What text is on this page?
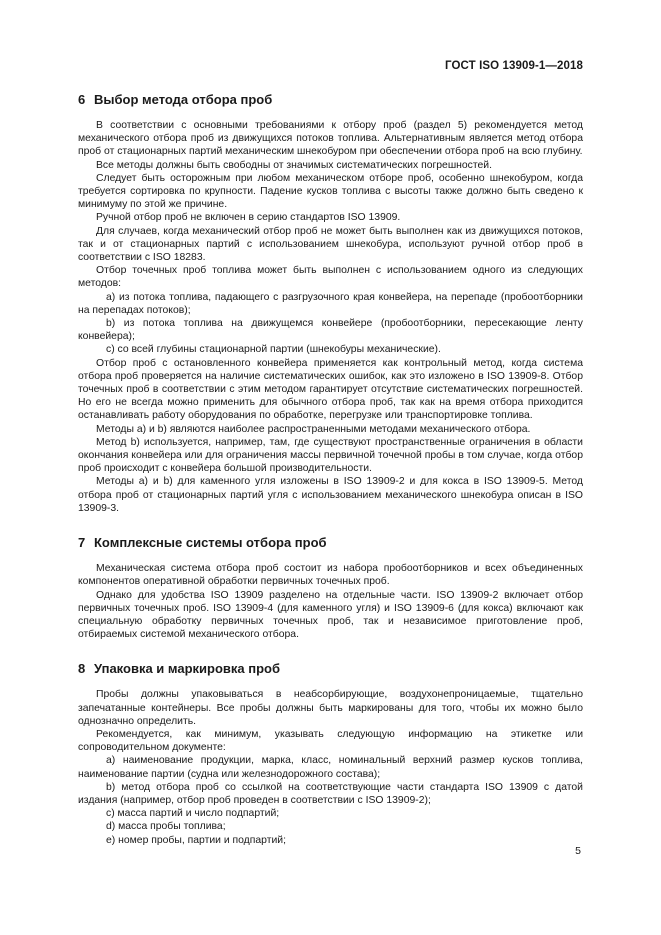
ГОСТ ISO 13909-1—2018
6 Выбор метода отбора проб

В соответствии с основными требованиями к отбору проб (раздел 5) рекомендуется метод механического отбора проб из движущихся потоков топлива. Альтернативным является метод отбора проб от стационарных партий механическим шнекобуром при обеспечении отбора проб на всю глубину.

Все методы должны быть свободны от значимых систематических погрешностей.

Следует быть осторожным при любом механическом отборе проб, особенно шнекобуром, когда требуется сортировка по крупности. Падение кусков топлива с высоты также должно быть сведено к минимуму по этой же причине.

Ручной отбор проб не включен в серию стандартов ISO 13909.

Для случаев, когда механический отбор проб не может быть выполнен как из движущихся потоков, так и от стационарных партий с использованием шнекобура, используют ручной отбор проб в соответствии с ISO 18283.

Отбор точечных проб топлива может быть выполнен с использованием одного из следующих методов:

a) из потока топлива, падающего с разгрузочного края конвейера, на перепаде (пробоотборники на перепадах потоков);

b) из потока топлива на движущемся конвейере (пробоотборники, пересекающие ленту конвейера);

c) со всей глубины стационарной партии (шнекобуры механические).

Отбор проб с остановленного конвейера применяется как контрольный метод, когда система отбора проб проверяется на наличие систематических ошибок, как это изложено в ISO 13909-8. Отбор точечных проб в соответствии с этим методом гарантирует отсутствие систематических погрешностей. Но его не всегда можно применить для обычного отбора проб, так как на время отбора приходится останавливать работу оборудования по обработке, перегрузке или транспортировке топлива.

Методы a) и b) являются наиболее распространенными методами механического отбора.

Метод b) используется, например, там, где существуют пространственные ограничения в области окончания конвейера или для ограничения массы первичной точечной пробы в том случае, когда отбор проб происходит с конвейера большой производительности.

Методы a) и b) для каменного угля изложены в ISO 13909-2 и для кокса в ISO 13909-5. Метод отбора проб от стационарных партий угля с использованием механического шнекобура описан в ISO 13909-3.

7 Комплексные системы отбора проб

Механическая система отбора проб состоит из набора пробоотборников и всех объединенных компонентов оперативной обработки первичных точечных проб.

Однако для удобства ISO 13909 разделено на отдельные части. ISO 13909-2 включает отбор первичных точечных проб. ISO 13909-4 (для каменного угля) и ISO 13909-6 (для кокса) включают как специальную обработку первичных точечных проб, так и независимое приготовление проб, отбираемых системой механического отбора.

8 Упаковка и маркировка проб

Пробы должны упаковываться в неабсорбирующие, воздухонепроницаемые, тщательно запечатанные контейнеры. Все пробы должны быть маркированы для того, чтобы их можно было однозначно определить.

Рекомендуется, как минимум, указывать следующую информацию на этикетке или сопроводительном документе:

a) наименование продукции, марка, класс, номинальный верхний размер кусков топлива, наименование партии (судна или железнодорожного состава);

b) метод отбора проб со ссылкой на соответствующие части стандарта ISO 13909 с датой издания (например, отбор проб проведен в соответствии с ISO 13909-2);

c) масса партий и число подпартий;

d) масса пробы топлива;

e) номер пробы, партии и подпартий;

5
